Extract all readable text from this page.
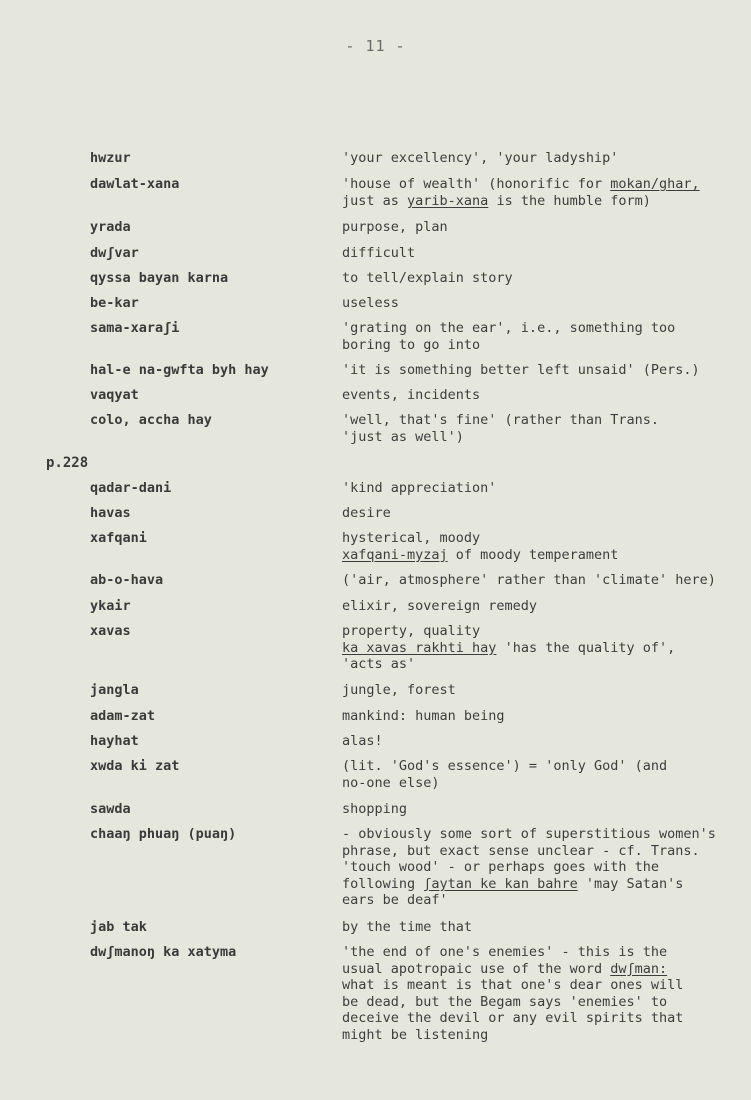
- 11 -
hwzur	'your excellency', 'your ladyship'
dawlat-xana	'house of wealth' (honorific for mokan/ghar,
just as yarib-xana is the humble form)
yrada	purpose, plan
dwʃvar	difficult
qyssa bayan karna	to tell/explain story
be-kar	useless
sama-xaraʃi	'grating on the ear', i.e., something too
boring to go into
hal-e na-gwfta byh hay	'it is something better left unsaid' (Pers.)
vaqyat	events, incidents
colo, accha hay	'well, that's fine' (rather than Trans.
'just as well')
p.228
qadar-dani	'kind appreciation'
havas	desire
xafqani	hysterical, moody
xafqani-myzaj of moody temperament
ab-o-hava	('air, atmosphere' rather than 'climate' here)
ykair	elixir, sovereign remedy
xavas	property, quality
ka xavas rakhti hay 'has the quality of',
'acts as'
jangla	jungle, forest
adam-zat	mankind: human being
hayhat	alas!
xwda ki zat	(lit. 'God's essence') = 'only God' (and
no-one else)
sawda	shopping
chaaŋ phuaŋ (puaŋ)	- obviously some sort of superstitious women's
phrase, but exact sense unclear - cf. Trans.
'touch wood' - or perhaps goes with the
following ʃaytan ke kan bahre 'may Satan's
ears be deaf'
jab tak	by the time that
dwʃmanoŋ ka xatyma	'the end of one's enemies' - this is the
usual apotropaic use of the word dwʃman:
what is meant is that one's dear ones will
be dead, but the Begam says 'enemies' to
deceive the devil or any evil spirits that
might be listening
